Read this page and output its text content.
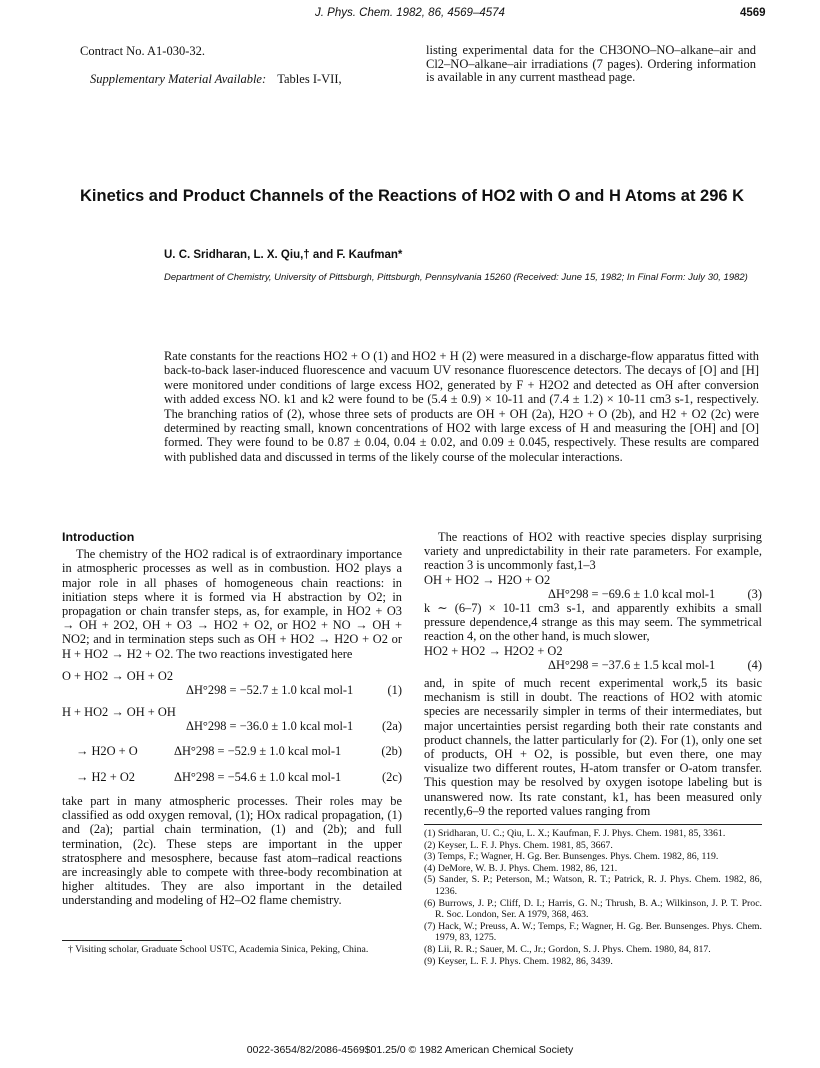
J. Phys. Chem. 1982, 86, 4569–4574	4569
Contract No. A1-030-32.
Supplementary Material Available: Tables I-VII,
listing experimental data for the CH3ONO–NO–alkane–air and Cl2–NO–alkane–air irradiations (7 pages). Ordering information is available in any current masthead page.
Kinetics and Product Channels of the Reactions of HO2 with O and H Atoms at 296 K
U. C. Sridharan, L. X. Qiu,† and F. Kaufman*
Department of Chemistry, University of Pittsburgh, Pittsburgh, Pennsylvania 15260 (Received: June 15, 1982; In Final Form: July 30, 1982)
Rate constants for the reactions HO2 + O (1) and HO2 + H (2) were measured in a discharge-flow apparatus fitted with back-to-back laser-induced fluorescence and vacuum UV resonance fluorescence detectors. The decays of [O] and [H] were monitored under conditions of large excess HO2, generated by F + H2O2 and detected as OH after conversion with added excess NO. k1 and k2 were found to be (5.4 ± 0.9) × 10-11 and (7.4 ± 1.2) × 10-11 cm3 s-1, respectively. The branching ratios of (2), whose three sets of products are OH + OH (2a), H2O + O (2b), and H2 + O2 (2c) were determined by reacting small, known concentrations of HO2 with large excess of H and measuring the [OH] and [O] formed. They were found to be 0.87 ± 0.04, 0.04 ± 0.02, and 0.09 ± 0.045, respectively. These results are compared with published data and discussed in terms of the likely course of the molecular interactions.
Introduction

The chemistry of the HO2 radical is of extraordinary importance in atmospheric processes as well as in combustion. HO2 plays a major role in all phases of homogeneous chain reactions: in initiation steps where it is formed via H abstraction by O2; in propagation or chain transfer steps, as, for example, in HO2 + O3 → OH + 2O2, OH + O3 → HO2 + O2, or HO2 + NO → OH + NO2; and in termination steps such as OH + HO2 → H2O + O2 or H + HO2 → H2 + O2. The two reactions investigated here

O + HO2 → OH + O2
ΔH°298 = −52.7 ± 1.0 kcal mol-1	(1)
H + HO2 → OH + OH
ΔH°298 = −36.0 ± 1.0 kcal mol-1 (2a)
→ H2O + O	ΔH°298 = −52.9 ± 1.0 kcal mol-1	(2b)
→ H2 + O2	ΔH°298 = −54.6 ± 1.0 kcal mol-1	(2c)

take part in many atmospheric processes. Their roles may be classified as odd oxygen removal, (1); HOx radical propagation, (1) and (2a); partial chain termination, (1) and (2b); and full termination, (2c). These steps are important in the upper stratosphere and mesosphere, because fast atom–radical reactions are increasingly able to compete with three-body recombination at higher altitudes. They are also important in the detailed understanding and modeling of H2–O2 flame chemistry.

† Visiting scholar, Graduate School USTC, Academia Sinica, Peking, China.

The reactions of HO2 with reactive species display surprising variety and unpredictability in their rate parameters. For example, reaction 3 is uncommonly fast,1–3

OH + HO2 → H2O + O2
ΔH°298 = −69.6 ± 1.0 kcal mol-1	(3)

k ∼ (6–7) × 10-11 cm3 s-1, and apparently exhibits a small pressure dependence,4 strange as this may seem. The symmetrical reaction 4, on the other hand, is much slower,

HO2 + HO2 → H2O2 + O2
ΔH°298 = −37.6 ± 1.5 kcal mol-1	(4)

and, in spite of much recent experimental work,5 its basic mechanism is still in doubt. The reactions of HO2 with atomic species are necessarily simpler in terms of their intermediates, but major uncertainties persist regarding both their rate constants and product channels, the latter particularly for (2). For (1), only one set of products, OH + O2, is possible, but even there, one may visualize two different routes, H-atom transfer or O-atom transfer. This question may be resolved by oxygen isotope labeling but is unanswered now. Its rate constant, k1, has been measured only recently,6–9 the reported values ranging from

(1) Sridharan, U. C.; Qiu, L. X.; Kaufman, F. J. Phys. Chem. 1981, 85, 3361.

(2) Keyser, L. F. J. Phys. Chem. 1981, 85, 3667.

(3) Temps, F.; Wagner, H. Gg. Ber. Bunsenges. Phys. Chem. 1982, 86, 119.

(4) DeMore, W. B. J. Phys. Chem. 1982, 86, 121.

(5) Sander, S. P.; Peterson, M.; Watson, R. T.; Patrick, R. J. Phys. Chem. 1982, 86, 1236.

(6) Burrows, J. P.; Cliff, D. I.; Harris, G. N.; Thrush, B. A.; Wilkinson, J. P. T. Proc. R. Soc. London, Ser. A 1979, 368, 463.

(7) Hack, W.; Preuss, A. W.; Temps, F.; Wagner, H. Gg. Ber. Bunsenges. Phys. Chem. 1979, 83, 1275.

(8) Lii, R. R.; Sauer, M. C., Jr.; Gordon, S. J. Phys. Chem. 1980, 84, 817.

(9) Keyser, L. F. J. Phys. Chem. 1982, 86, 3439.

0022-3654/82/2086-4569$01.25/0 © 1982 American Chemical Society
